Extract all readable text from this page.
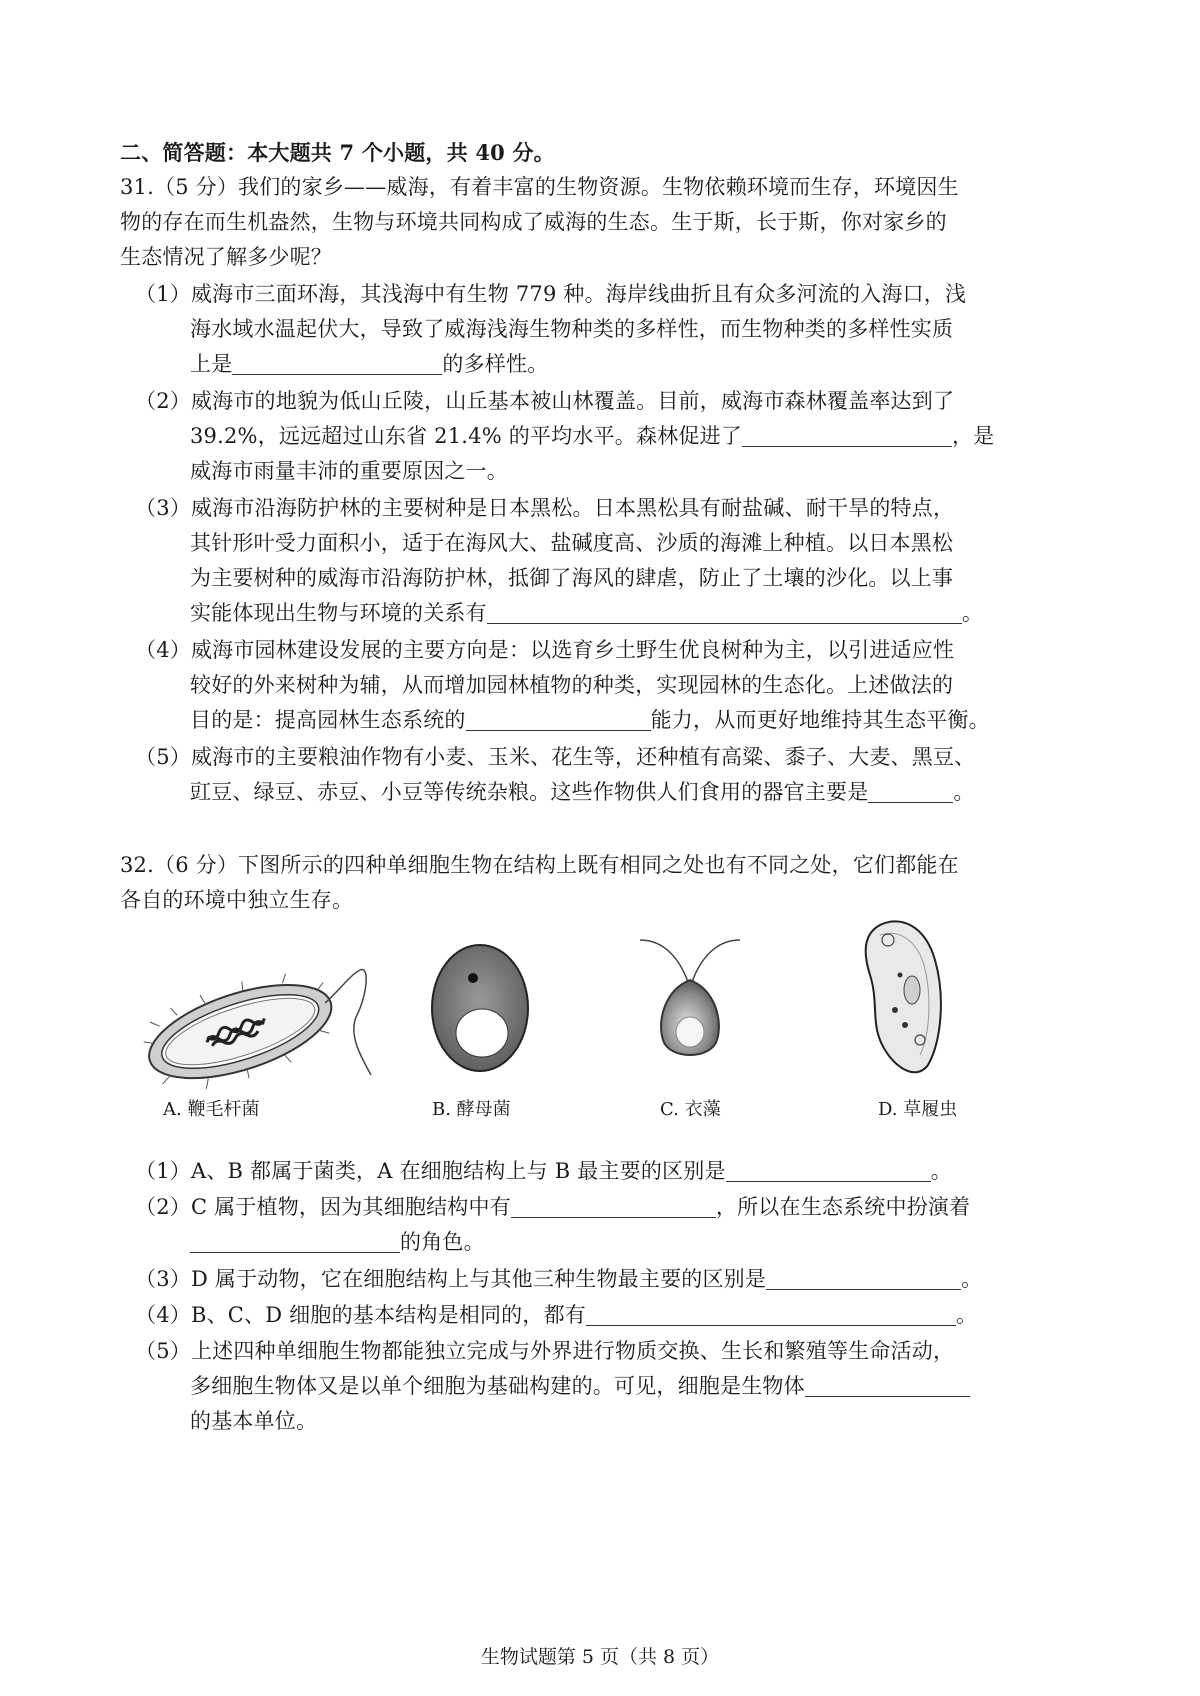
二、简答题：本大题共 7 个小题，共 40 分。
31.（5 分）我们的家乡——威海，有着丰富的生物资源。生物依赖环境而生存，环境因生
物的存在而生机盎然，生物与环境共同构成了威海的生态。生于斯，长于斯，你对家乡的
生态情况了解多少呢？
（1）威海市三面环海，其浅海中有生物 779 种。海岸线曲折且有众多河流的入海口，浅
海水域水温起伏大，导致了威海浅海生物种类的多样性，而生物种类的多样性实质
上是	的多样性。
（2）威海市的地貌为低山丘陵，山丘基本被山林覆盖。目前，威海市森林覆盖率达到了
39.2%，远远超过山东省 21.4% 的平均水平。森林促进了	，是
威海市雨量丰沛的重要原因之一。
（3）威海市沿海防护林的主要树种是日本黑松。日本黑松具有耐盐碱、耐干旱的特点，
其针形叶受力面积小，适于在海风大、盐碱度高、沙质的海滩上种植。以日本黑松
为主要树种的威海市沿海防护林，抵御了海风的肆虐，防止了土壤的沙化。以上事
实能体现出生物与环境的关系有	。
（4）威海市园林建设发展的主要方向是：以选育乡土野生优良树种为主，以引进适应性
较好的外来树种为辅，从而增加园林植物的种类，实现园林的生态化。上述做法的
目的是：提高园林生态系统的	能力，从而更好地维持其生态平衡。
（5）威海市的主要粮油作物有小麦、玉米、花生等，还种植有高粱、黍子、大麦、黑豆、
豇豆、绿豆、赤豆、小豆等传统杂粮。这些作物供人们食用的器官主要是	。
32.（6 分）下图所示的四种单细胞生物在结构上既有相同之处也有不同之处，它们都能在
各自的环境中独立生存。
A. 鞭毛杆菌	B. 酵母菌	C. 衣藻	D. 草履虫
（1）A、B 都属于菌类，A 在细胞结构上与 B 最主要的区别是	。
（2）C 属于植物，因为其细胞结构中有	，所以在生态系统中扮演着
的角色。
（3）D 属于动物，它在细胞结构上与其他三种生物最主要的区别是	。
（4）B、C、D 细胞的基本结构是相同的，都有	。
（5）上述四种单细胞生物都能独立完成与外界进行物质交换、生长和繁殖等生命活动，
多细胞生物体又是以单个细胞为基础构建的。可见，细胞是生物体
的基本单位。
生物试题第 5 页（共 8 页）
